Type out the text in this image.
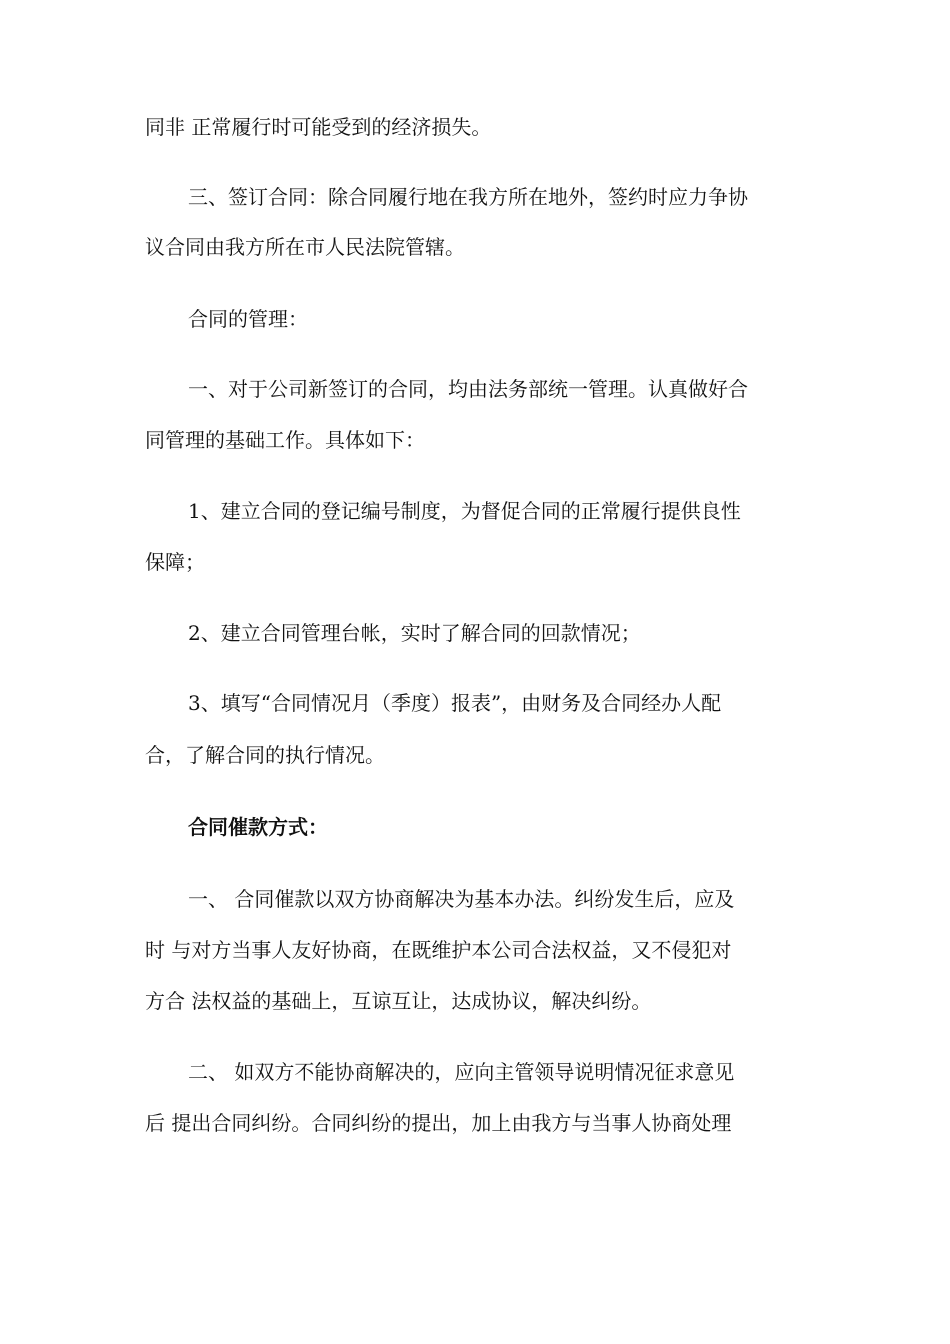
同非 正常履行时可能受到的经济损失。
三、签订合同：除合同履行地在我方所在地外，签约时应力争协
议合同由我方所在市人民法院管辖。
合同的管理：
一、对于公司新签订的合同，均由法务部统一管理。认真做好合
同管理的基础工作。具体如下：
1、建立合同的登记编号制度，为督促合同的正常履行提供良性
保障；
2、建立合同管理台帐，实时了解合同的回款情况；
3、填写“合同情况月（季度）报表”，由财务及合同经办人配
合，了解合同的执行情况。
合同催款方式：
一、 合同催款以双方协商解决为基本办法。纠纷发生后，应及
时 与对方当事人友好协商，在既维护本公司合法权益，又不侵犯对
方合 法权益的基础上，互谅互让，达成协议，解决纠纷。
二、 如双方不能协商解决的，应向主管领导说明情况征求意见
后 提出合同纠纷。合同纠纷的提出，加上由我方与当事人协商处理
